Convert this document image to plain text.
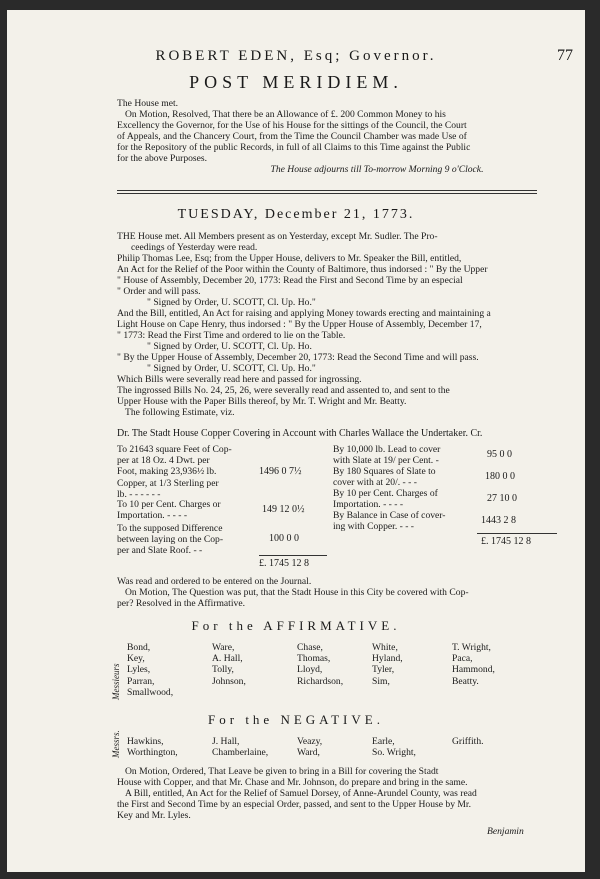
ROBERT EDEN, Esq; Governor.	77
POST MERIDIEM.
The House met.
On Motion, Resolved, That there be an Allowance of £. 200 Common Money to his
Excellency the Governor, for the Use of his House for the sittings of the Council, the Court
of Appeals, and the Chancery Court, from the Time the Council Chamber was made Use of
for the Repository of the public Records, in full of all Claims to this Time against the Public
for the above Purposes.
The House adjourns till To-morrow Morning 9 o'Clock.
TUESDAY, December 21, 1773.
THE House met. All Members present as on Yesterday, except Mr. Sudler. The Pro-
ceedings of Yesterday were read.
Philip Thomas Lee, Esq; from the Upper House, delivers to Mr. Speaker the Bill, entitled,
An Act for the Relief of the Poor within the County of Baltimore, thus indorsed : " By the Upper
" House of Assembly, December 20, 1773: Read the First and Second Time by an especial
" Order and will pass.
" Signed by Order, U. SCOTT, Cl. Up. Ho."
And the Bill, entitled, An Act for raising and applying Money towards erecting and maintaining a
Light House on Cape Henry, thus indorsed : " By the Upper House of Assembly, December 17,
" 1773: Read the First Time and ordered to lie on the Table.
" Signed by Order, U. SCOTT, Cl. Up. Ho.
" By the Upper House of Assembly, December 20, 1773: Read the Second Time and will pass.
" Signed by Order, U. SCOTT, Cl. Up. Ho."
Which Bills were severally read here and passed for ingrossing.
The ingrossed Bills No. 24, 25, 26, were severally read and assented to, and sent to the
Upper House with the Paper Bills thereof, by Mr. T. Wright and Mr. Beatty.
The following Estimate, viz.
Dr. The Stadt House Copper Covering in Account with Charles Wallace the Undertaker. Cr.
To 21643 square Feet of Cop-
per at 18 Oz. 4 Dwt. per
Foot, making 23,936½ lb.
Copper, at 1/3 Sterling per
lb. - - - - - -
1496 0 7½
To 10 per Cent. Charges or
Importation. - - - -
149 12 0½
To the supposed Difference
between laying on the Cop-
per and Slate Roof. - -
100 0 0
£. 1745 12 8
By 10,000 lb. Lead to cover
with Slate at 19/ per Cent. -
95 0 0
By 180 Squares of Slate to
cover with at 20/. - - -
180 0 0
By 10 per Cent. Charges of
Importation. - - - -
27 10 0
By Balance in Case of cover-
ing with Copper. - - -
1443 2 8
£. 1745 12 8
Was read and ordered to be entered on the Journal.
On Motion, The Question was put, that the Stadt House in this City be covered with Cop-
per? Resolved in the Affirmative.
For the AFFIRMATIVE.
Messieurs
Bond,
Key,
Lyles,
Parran,
Smallwood,
Ware,
A. Hall,
Tolly,
Johnson,
Chase,
Thomas,
Lloyd,
Richardson,
White,
Hyland,
Tyler,
Sim,
T. Wright,
Paca,
Hammond,
Beatty.
For the NEGATIVE.
Messrs. Hawkins,
Worthington,
J. Hall,
Chamberlaine,
Veazy,
Ward,
Earle,
So. Wright,
Griffith.
On Motion, Ordered, That Leave be given to bring in a Bill for covering the Stadt
House with Copper, and that Mr. Chase and Mr. Johnson, do prepare and bring in the same.
A Bill, entitled, An Act for the Relief of Samuel Dorsey, of Anne-Arundel County, was read
the First and Second Time by an especial Order, passed, and sent to the Upper House by Mr.
Key and Mr. Lyles.
Benjamin
